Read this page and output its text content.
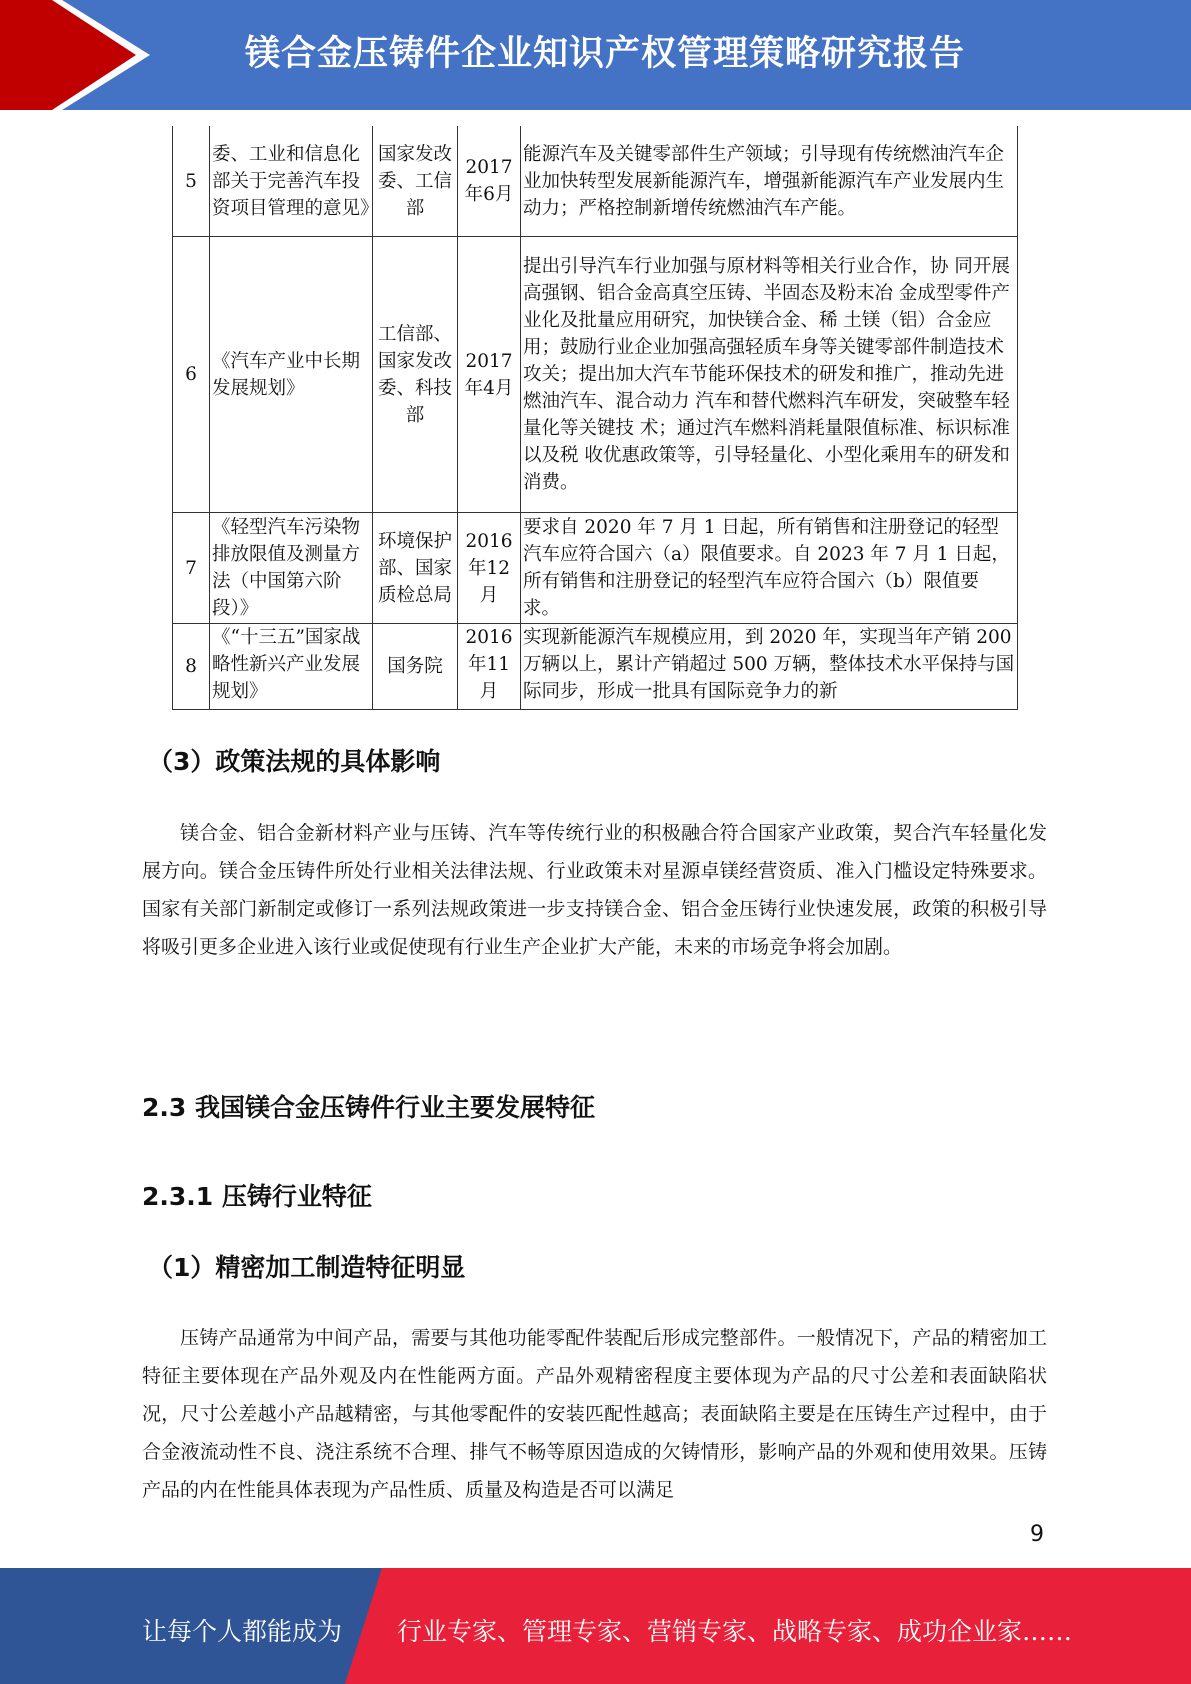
镁合金压铸件企业知识产权管理策略研究报告
5	委、工业和信息化部关于完善汽车投资项目管理的意见》	国家发改委、工信部	2017年6月	能源汽车及关键零部件生产领域；引导现有传统燃油汽车企业加快转型发展新能源汽车，增强新能源汽车产业发展内生动力；严格控制新增传统燃油汽车产能。
6	《汽车产业中长期发展规划》	工信部、国家发改委、科技部	2017年4月	提出引导汽车行业加强与原材料等相关行业合作，协 同开展高强钢、铝合金高真空压铸、半固态及粉末冶 金成型零件产业化及批量应用研究，加快镁合金、稀 土镁（铝）合金应用；鼓励行业企业加强高强轻质车身等关键零部件制造技术攻关；提出加大汽车节能环保技术的研发和推广，推动先进燃油汽车、混合动力 汽车和替代燃料汽车研发，突破整车轻量化等关键技 术；通过汽车燃料消耗量限值标准、标识标准以及税 收优惠政策等，引导轻量化、小型化乘用车的研发和 消费。
7	《轻型汽车污染物排放限值及测量方法（中国第六阶段）》	环境保护部、国家质检总局	2016年12月	要求自 2020 年 7 月 1 日起，所有销售和注册登记的轻型汽车应符合国六（a）限值要求。自 2023 年 7 月 1 日起，所有销售和注册登记的轻型汽车应符合国六（b）限值要求。
8	《“十三五”国家战略性新兴产业发展规划》	国务院	2016年11月	实现新能源汽车规模应用，到 2020 年，实现当年产销 200 万辆以上，累计产销超过 500 万辆，整体技术水平保持与国际同步，形成一批具有国际竞争力的新
（3）政策法规的具体影响

镁合金、铝合金新材料产业与压铸、汽车等传统行业的积极融合符合国家产业政策，契合汽车轻量化发展方向。镁合金压铸件所处行业相关法律法规、行业政策未对星源卓镁经营资质、准入门槛设定特殊要求。国家有关部门新制定或修订一系列法规政策进一步支持镁合金、铝合金压铸行业快速发展，政策的积极引导将吸引更多企业进入该行业或促使现有行业生产企业扩大产能，未来的市场竞争将会加剧。

2.3 我国镁合金压铸件行业主要发展特征
2.3.1 压铸行业特征
（1）精密加工制造特征明显

压铸产品通常为中间产品，需要与其他功能零配件装配后形成完整部件。一般情况下，产品的精密加工特征主要体现在产品外观及内在性能两方面。产品外观精密程度主要体现为产品的尺寸公差和表面缺陷状况，尺寸公差越小产品越精密，与其他零配件的安装匹配性越高；表面缺陷主要是在压铸生产过程中，由于合金液流动性不良、浇注系统不合理、排气不畅等原因造成的欠铸情形，影响产品的外观和使用效果。压铸产品的内在性能具体表现为产品性质、质量及构造是否可以满足

9
让每个人都能成为 行业专家、管理专家、营销专家、战略专家、成功企业家……
